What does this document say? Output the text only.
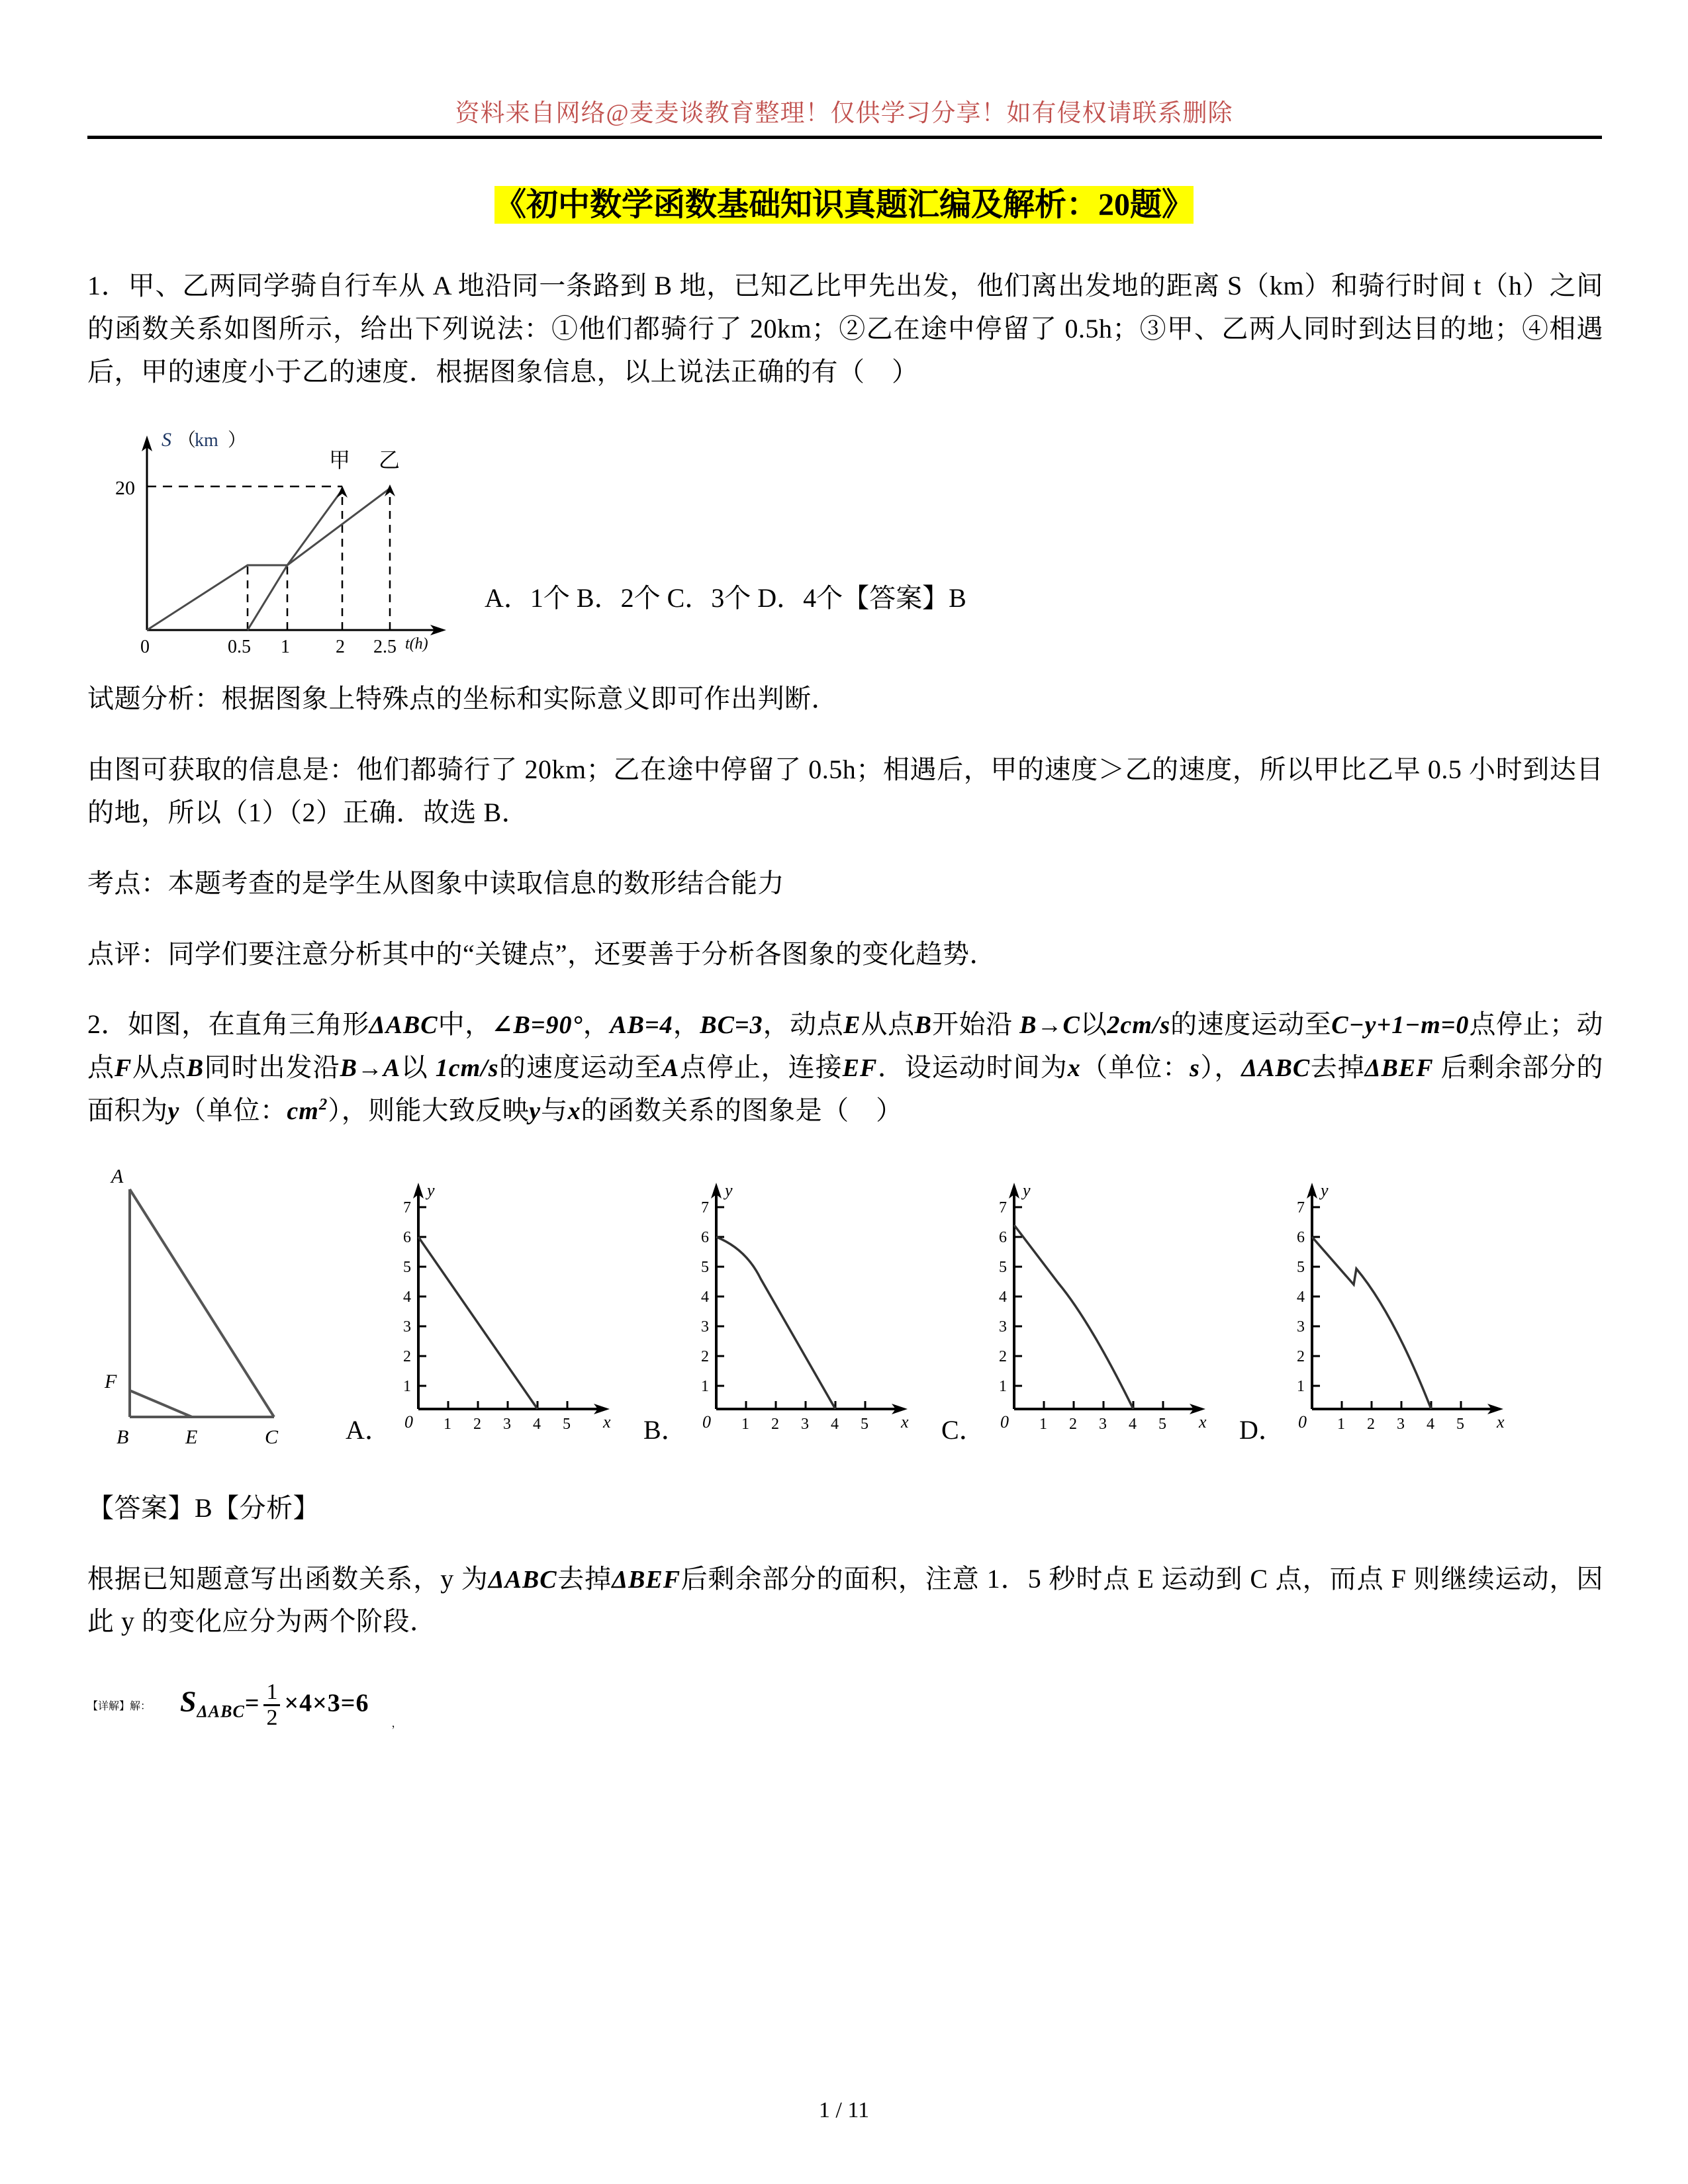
资料来自网络@麦麦谈教育整理！仅供学习分享！如有侵权请联系删除
《初中数学函数基础知识真题汇编及解析：20题》

1．甲、乙两同学骑自行车从 A 地沿同一条路到 B 地，已知乙比甲先出发，他们离出发地的距离 S（km）和骑行时间 t（h）之间的函数关系如图所示，给出下列说法：①他们都骑行了 20km；②乙在途中停留了 0.5h；③甲、乙两人同时到达目的地；④相遇后，甲的速度小于乙的速度．根据图象信息，以上说法正确的有（　）

S （
km ）
t(h)
20
甲 乙
0	0.5 1 2 2.5
A．1个 B．2个 C．3个 D．4个【答案】B

试题分析：根据图象上特殊点的坐标和实际意义即可作出判断．

由图可获取的信息是：他们都骑行了 20km；乙在途中停留了 0.5h；相遇后，甲的速度＞乙的速度，所以甲比乙早 0.5 小时到达目的地，所以（1）（2）正确．故选 B．

考点：本题考查的是学生从图象中读取信息的数形结合能力

点评：同学们要注意分析其中的“关键点”，还要善于分析各图象的变化趋势．

2．如图，在直角三角形ΔABC中，∠B=90°，AB=4，BC=3，动点E从点B开始沿 B→C以2cm/s的速度运动至C−y+1−m=0点停止；动点F从点B同时出发沿B→A以 1cm/s的速度运动至A点停止，连接EF．设运动时间为x（单位：s），ΔABC去掉ΔBEF 后剩余部分的面积为y（单位：$cm^2$），则能大致反映y与x的函数关系的图象是（　）

A
F
B	E	C	A．
y
x
0
1
2
3
4
5
6
7
1 2 3 4 5	B．
y
x
0
1
2
3
4
5
6
7
1 2 3 4 5	C．
y
x
0
1
2
3
4
5
6
7
1 2 3 4 5	D．
y
x
0
1
2
3
4
5
6
7
1 2 3 4 5

【答案】B【分析】

根据已知题意写出函数关系，y 为ΔABC去掉ΔBEF后剩余部分的面积，注意 1．5 秒时点 E 运动到 C 点，而点 F 则继续运动，因此 y 的变化应分为两个阶段．

【详解】解： $S_{\Delta ABC}= \frac{1}{2} \times 4\times 3=6$ ，
1 / 11
